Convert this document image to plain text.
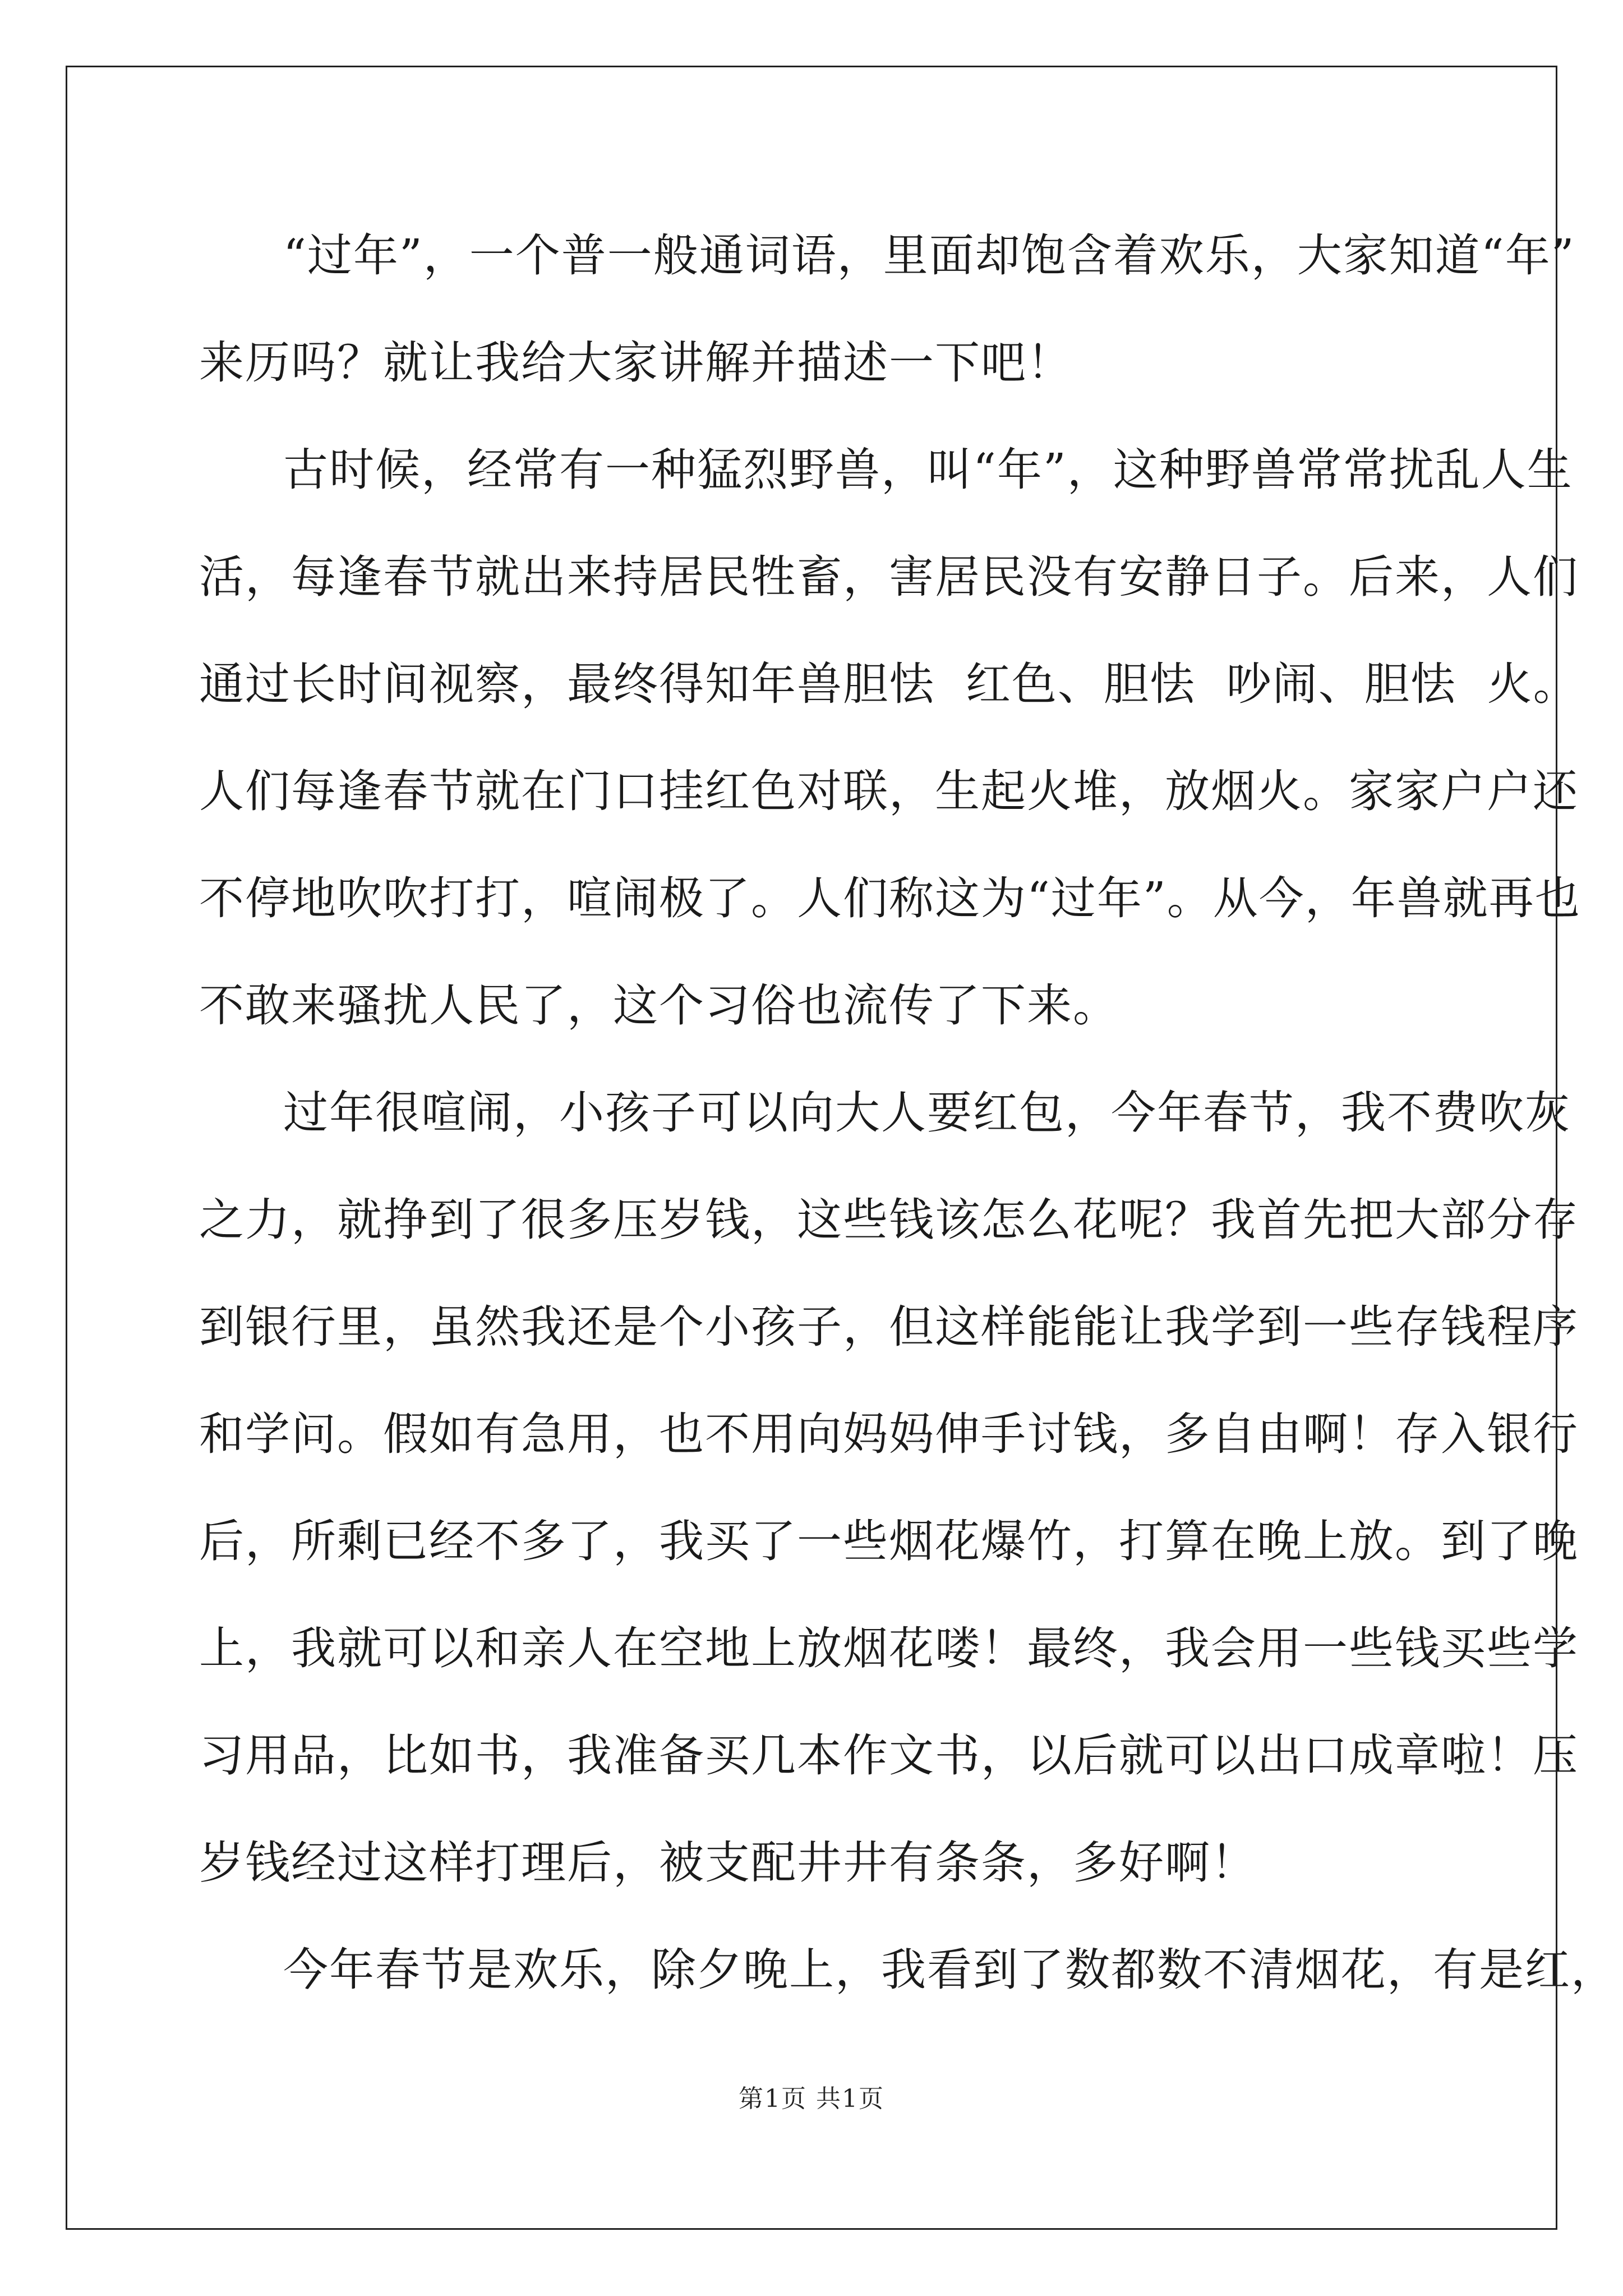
“过年”，一个普一般通词语，里面却饱含着欢乐，大家知道“年”
来历吗？就让我给大家讲解并描述一下吧！

古时候，经常有一种猛烈野兽，叫“年”，这种野兽常常扰乱人生
活，每逢春节就出来持居民牲畜，害居民没有安静日子。后来，人们
通过长时间视察，最终得知年兽胆怯  红色、胆怯  吵闹、胆怯  火。
人们每逢春节就在门口挂红色对联，生起火堆，放烟火。家家户户还
不停地吹吹打打，喧闹极了。人们称这为“过年”。从今，年兽就再也
不敢来骚扰人民了，这个习俗也流传了下来。

过年很喧闹，小孩子可以向大人要红包，今年春节，我不费吹灰
之力，就挣到了很多压岁钱，这些钱该怎么花呢？我首先把大部分存
到银行里，虽然我还是个小孩子，但这样能能让我学到一些存钱程序
和学问。假如有急用，也不用向妈妈伸手讨钱，多自由啊！存入银行
后，所剩已经不多了，我买了一些烟花爆竹，打算在晚上放。到了晚
上，我就可以和亲人在空地上放烟花喽！最终，我会用一些钱买些学
习用品，比如书，我准备买几本作文书，以后就可以出口成章啦！压
岁钱经过这样打理后，被支配井井有条条，多好啊！

今年春节是欢乐，除夕晚上，我看到了数都数不清烟花，有是红，

第1页 共1页
